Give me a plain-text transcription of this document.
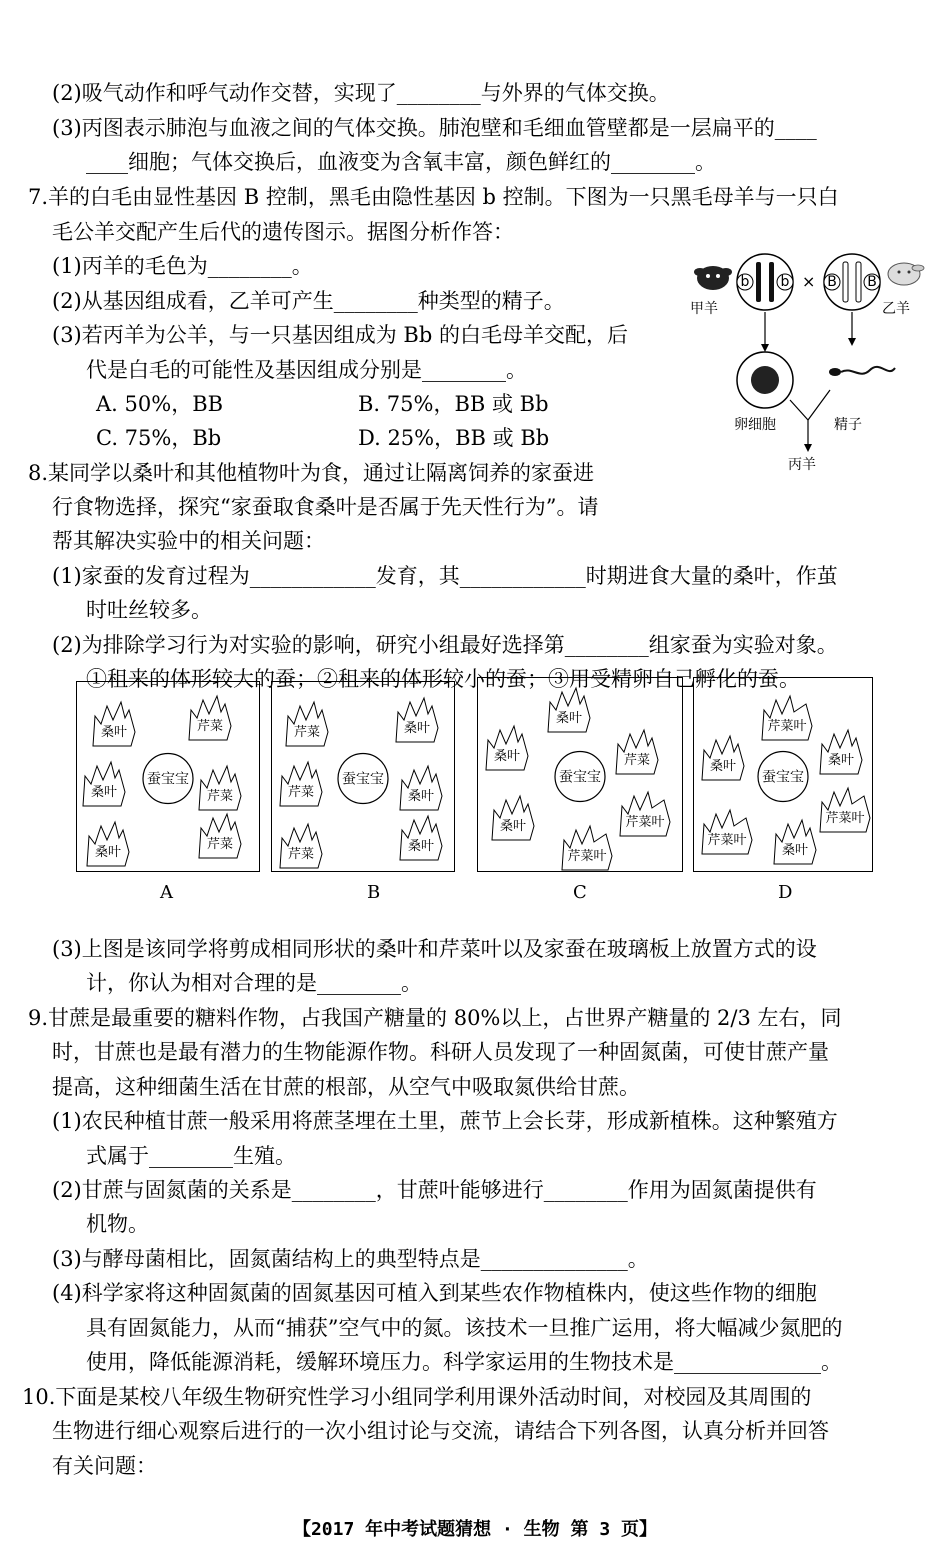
(2)吸气动作和呼气动作交替，实现了________与外界的气体交换。
(3)丙图表示肺泡与血液之间的气体交换。肺泡壁和毛细血管壁都是一层扁平的____
____细胞；气体交换后，血液变为含氧丰富，颜色鲜红的________。
7.羊的白毛由显性基因 B 控制，黑毛由隐性基因 b 控制。下图为一只黑毛母羊与一只白
毛公羊交配产生后代的遗传图示。据图分析作答：
(1)丙羊的毛色为________。
(2)从基因组成看，乙羊可产生________种类型的精子。
(3)若丙羊为公羊，与一只基因组成为 Bb 的白毛母羊交配，后
代是白毛的可能性及基因组成分别是________。
A. 50%，BB	B. 75%，BB 或 Bb
C. 75%，Bb	D. 25%，BB 或 Bb
8.某同学以桑叶和其他植物叶为食，通过让隔离饲养的家蚕进
行食物选择，探究“家蚕取食桑叶是否属于先天性行为”。请
帮其解决实验中的相关问题：
(1)家蚕的发育过程为____________发育，其____________时期进食大量的桑叶，作茧
时吐丝较多。
(2)为排除学习行为对实验的影响，研究小组最好选择第________组家蚕为实验对象。
①租来的体形较大的蚕；②租来的体形较小的蚕；③用受精卵自己孵化的蚕。
(3)上图是该同学将剪成相同形状的桑叶和芹菜叶以及家蚕在玻璃板上放置方式的设
计，你认为相对合理的是________。
9.甘蔗是最重要的糖料作物，占我国产糖量的 80%以上，占世界产糖量的 2/3 左右，同
时，甘蔗也是最有潜力的生物能源作物。科研人员发现了一种固氮菌，可使甘蔗产量
提高，这种细菌生活在甘蔗的根部，从空气中吸取氮供给甘蔗。
(1)农民种植甘蔗一般采用将蔗茎埋在土里，蔗节上会长芽，形成新植株。这种繁殖方
式属于________生殖。
(2)甘蔗与固氮菌的关系是________，甘蔗叶能够进行________作用为固氮菌提供有
机物。
(3)与酵母菌相比，固氮菌结构上的典型特点是______________。
(4)科学家将这种固氮菌的固氮基因可植入到某些农作物植株内，使这些作物的细胞
具有固氮能力，从而“捕获”空气中的氮。该技术一旦推广运用，将大幅减少氮肥的
使用，降低能源消耗，缓解环境压力。科学家运用的生物技术是______________。
10.下面是某校八年级生物研究性学习小组同学利用课外活动时间，对校园及其周围的
生物进行细心观察后进行的一次小组讨论与交流，请结合下列各图，认真分析并回答
有关问题：
甲羊	乙羊
b b	B B
×
卵细胞	精子
丙羊
蚕宝宝
桑叶	芹菜
桑叶	芹菜
桑叶
芹菜
蚕宝宝
芹菜	桑叶
芹菜	桑叶
芹菜
桑叶
蚕宝宝
桑叶
桑叶	芹菜
芹菜叶
桑叶
芹菜叶
蚕宝宝
芹菜叶
桑叶	桑叶
芹菜叶
芹菜叶
桑叶
A	B	C	D
【2017 年中考试题猜想 · 生物 第 3 页】
